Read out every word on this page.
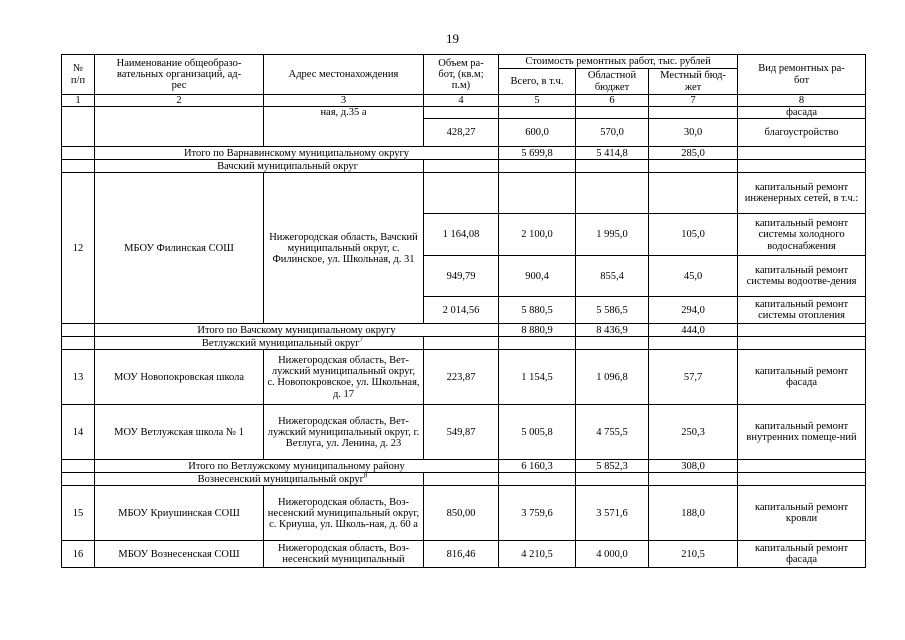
19
№
п/п	Наименование общеобразо-
вательных организаций, ад-
рес	Адрес местонахождения	Объем ра-
бот, (кв.м;
п.м)	Стоимость ремонтных работ, тыс. рублей			Вид ремонтных ра-
бот
				Всего, в т.ч.	Областной
бюджет	Местный бюд-
жет	
1	2	3	4	5	6	7	8
		ная, д.35 а					фасада
			428,27	600,0	570,0	30,0	благоустройство
	Итого по Варнавинскому муниципальному округу			5 699,8	5 414,8	285,0	
	Вачский муниципальный округ						
12	МБОУ Филинская СОШ	Нижегородская область, Вачский муниципальный округ, с. Филинское, ул. Школьная, д. 31					капитальный ремонт инженерных сетей, в т.ч.:
			1 164,08	2 100,0	1 995,0	105,0	капитальный ремонт системы холодного водоснабжения
			949,79	900,4	855,4	45,0	капитальный ремонт системы водоотве-дения
			2 014,56	5 880,5	5 586,5	294,0	капитальный ремонт системы отопления
	Итого по Вачскому муниципальному округу			8 880,9	8 436,9	444,0	
	Ветлужский муниципальный округ$^7$					
13	МОУ Новопокровская школа	Нижегородская область, Вет-лужский муниципальный округ, с. Новопокровское, ул. Школьная, д. 17	223,87	1 154,5	1 096,8	57,7	капитальный ремонт фасада
14	МОУ Ветлужская школа № 1	Нижегородская область, Вет-лужский муниципальный округ, г. Ветлуга, ул. Ленина, д. 23	549,87	5 005,8	4 755,5	250,3	капитальный ремонт внутренних помеще-ний
	Итого по Ветлужскому муниципальному району			6 160,3	5 852,3	308,0	
	Вознесенский муниципальный округ$^8$					
15	МБОУ Криушинская СОШ	Нижегородская область, Воз-несенский муниципальный округ, с. Криуша, ул. Школь-ная, д. 60 а	850,00	3 759,6	3 571,6	188,0	капитальный ремонт кровли
16	МБОУ Вознесенская СОШ	Нижегородская область, Воз-несенский муниципальный	816,46	4 210,5	4 000,0	210,5	капитальный ремонт фасада
